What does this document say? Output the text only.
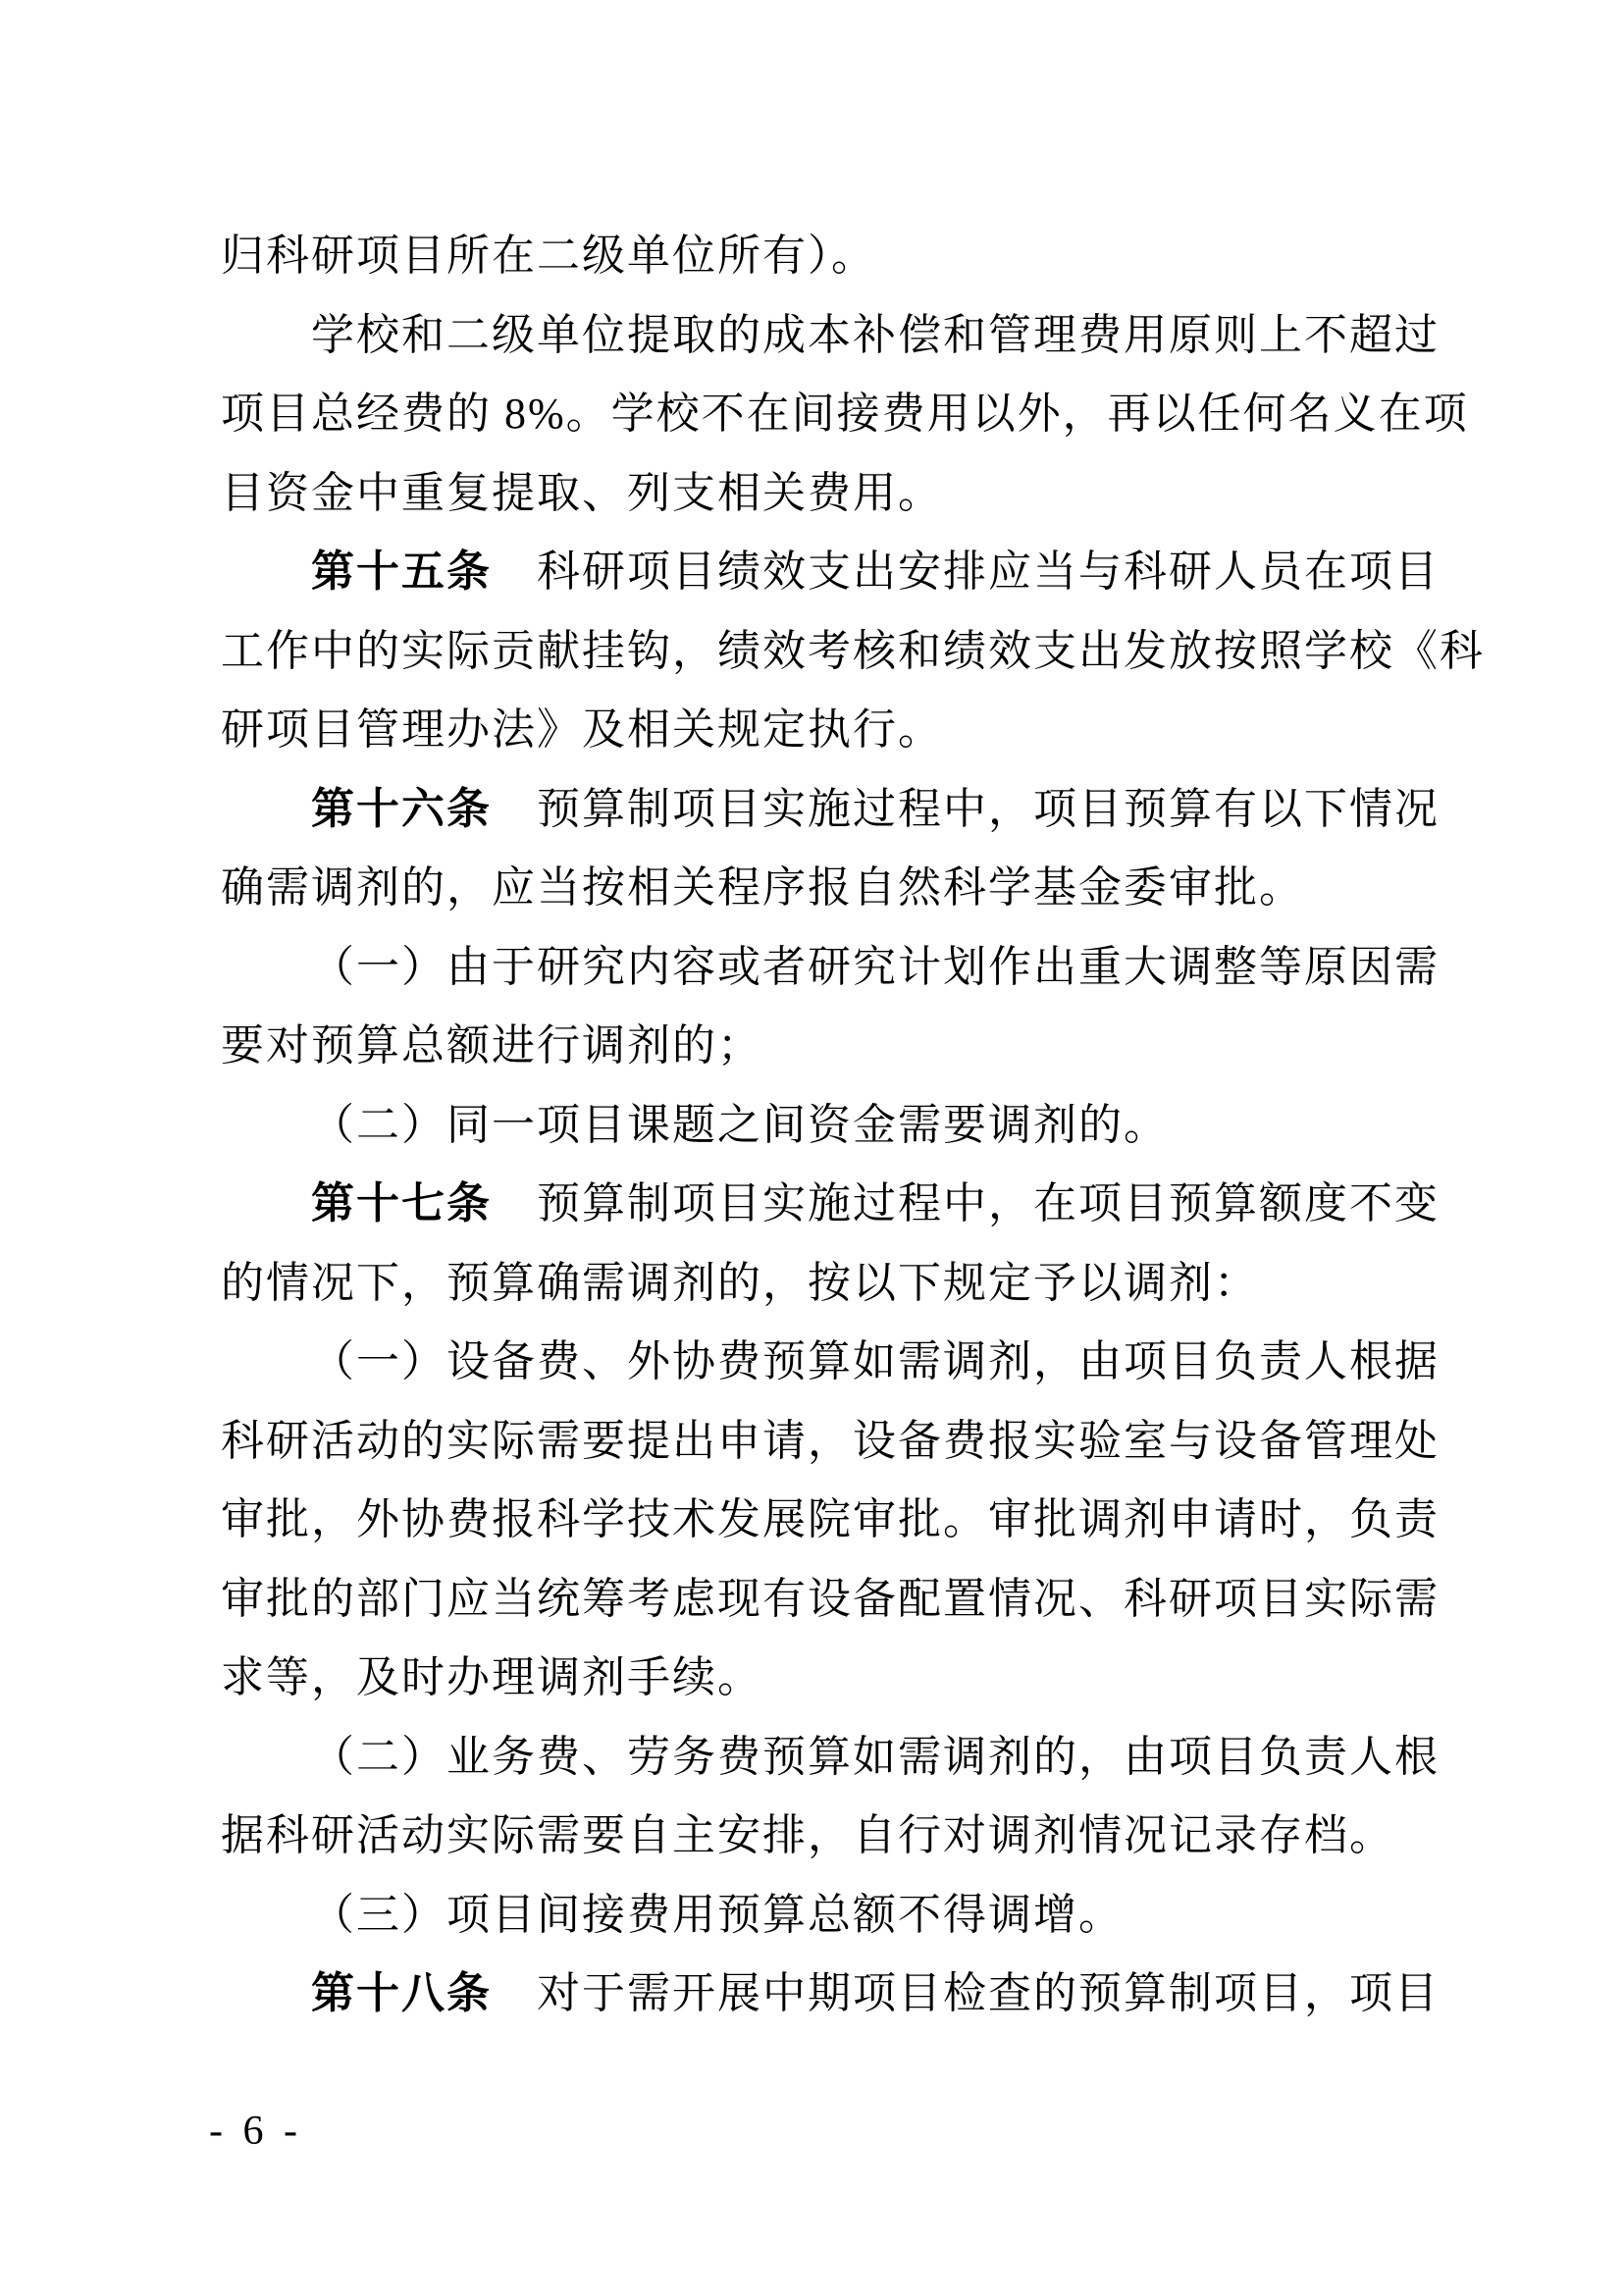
归科研项目所在二级单位所有）。
学校和二级单位提取的成本补偿和管理费用原则上不超过
项目总经费的 8%。学校不在间接费用以外，再以任何名义在项
目资金中重复提取、列支相关费用。
第十五条　科研项目绩效支出安排应当与科研人员在项目
工作中的实际贡献挂钩，绩效考核和绩效支出发放按照学校《科
研项目管理办法》及相关规定执行。
第十六条　预算制项目实施过程中，项目预算有以下情况
确需调剂的，应当按相关程序报自然科学基金委审批。
（一）由于研究内容或者研究计划作出重大调整等原因需
要对预算总额进行调剂的；
（二）同一项目课题之间资金需要调剂的。
第十七条　预算制项目实施过程中，在项目预算额度不变
的情况下，预算确需调剂的，按以下规定予以调剂：
（一）设备费、外协费预算如需调剂，由项目负责人根据
科研活动的实际需要提出申请，设备费报实验室与设备管理处
审批，外协费报科学技术发展院审批。审批调剂申请时，负责
审批的部门应当统筹考虑现有设备配置情况、科研项目实际需
求等，及时办理调剂手续。
（二）业务费、劳务费预算如需调剂的，由项目负责人根
据科研活动实际需要自主安排，自行对调剂情况记录存档。
（三）项目间接费用预算总额不得调增。
第十八条　对于需开展中期项目检查的预算制项目，项目
- 6 -
